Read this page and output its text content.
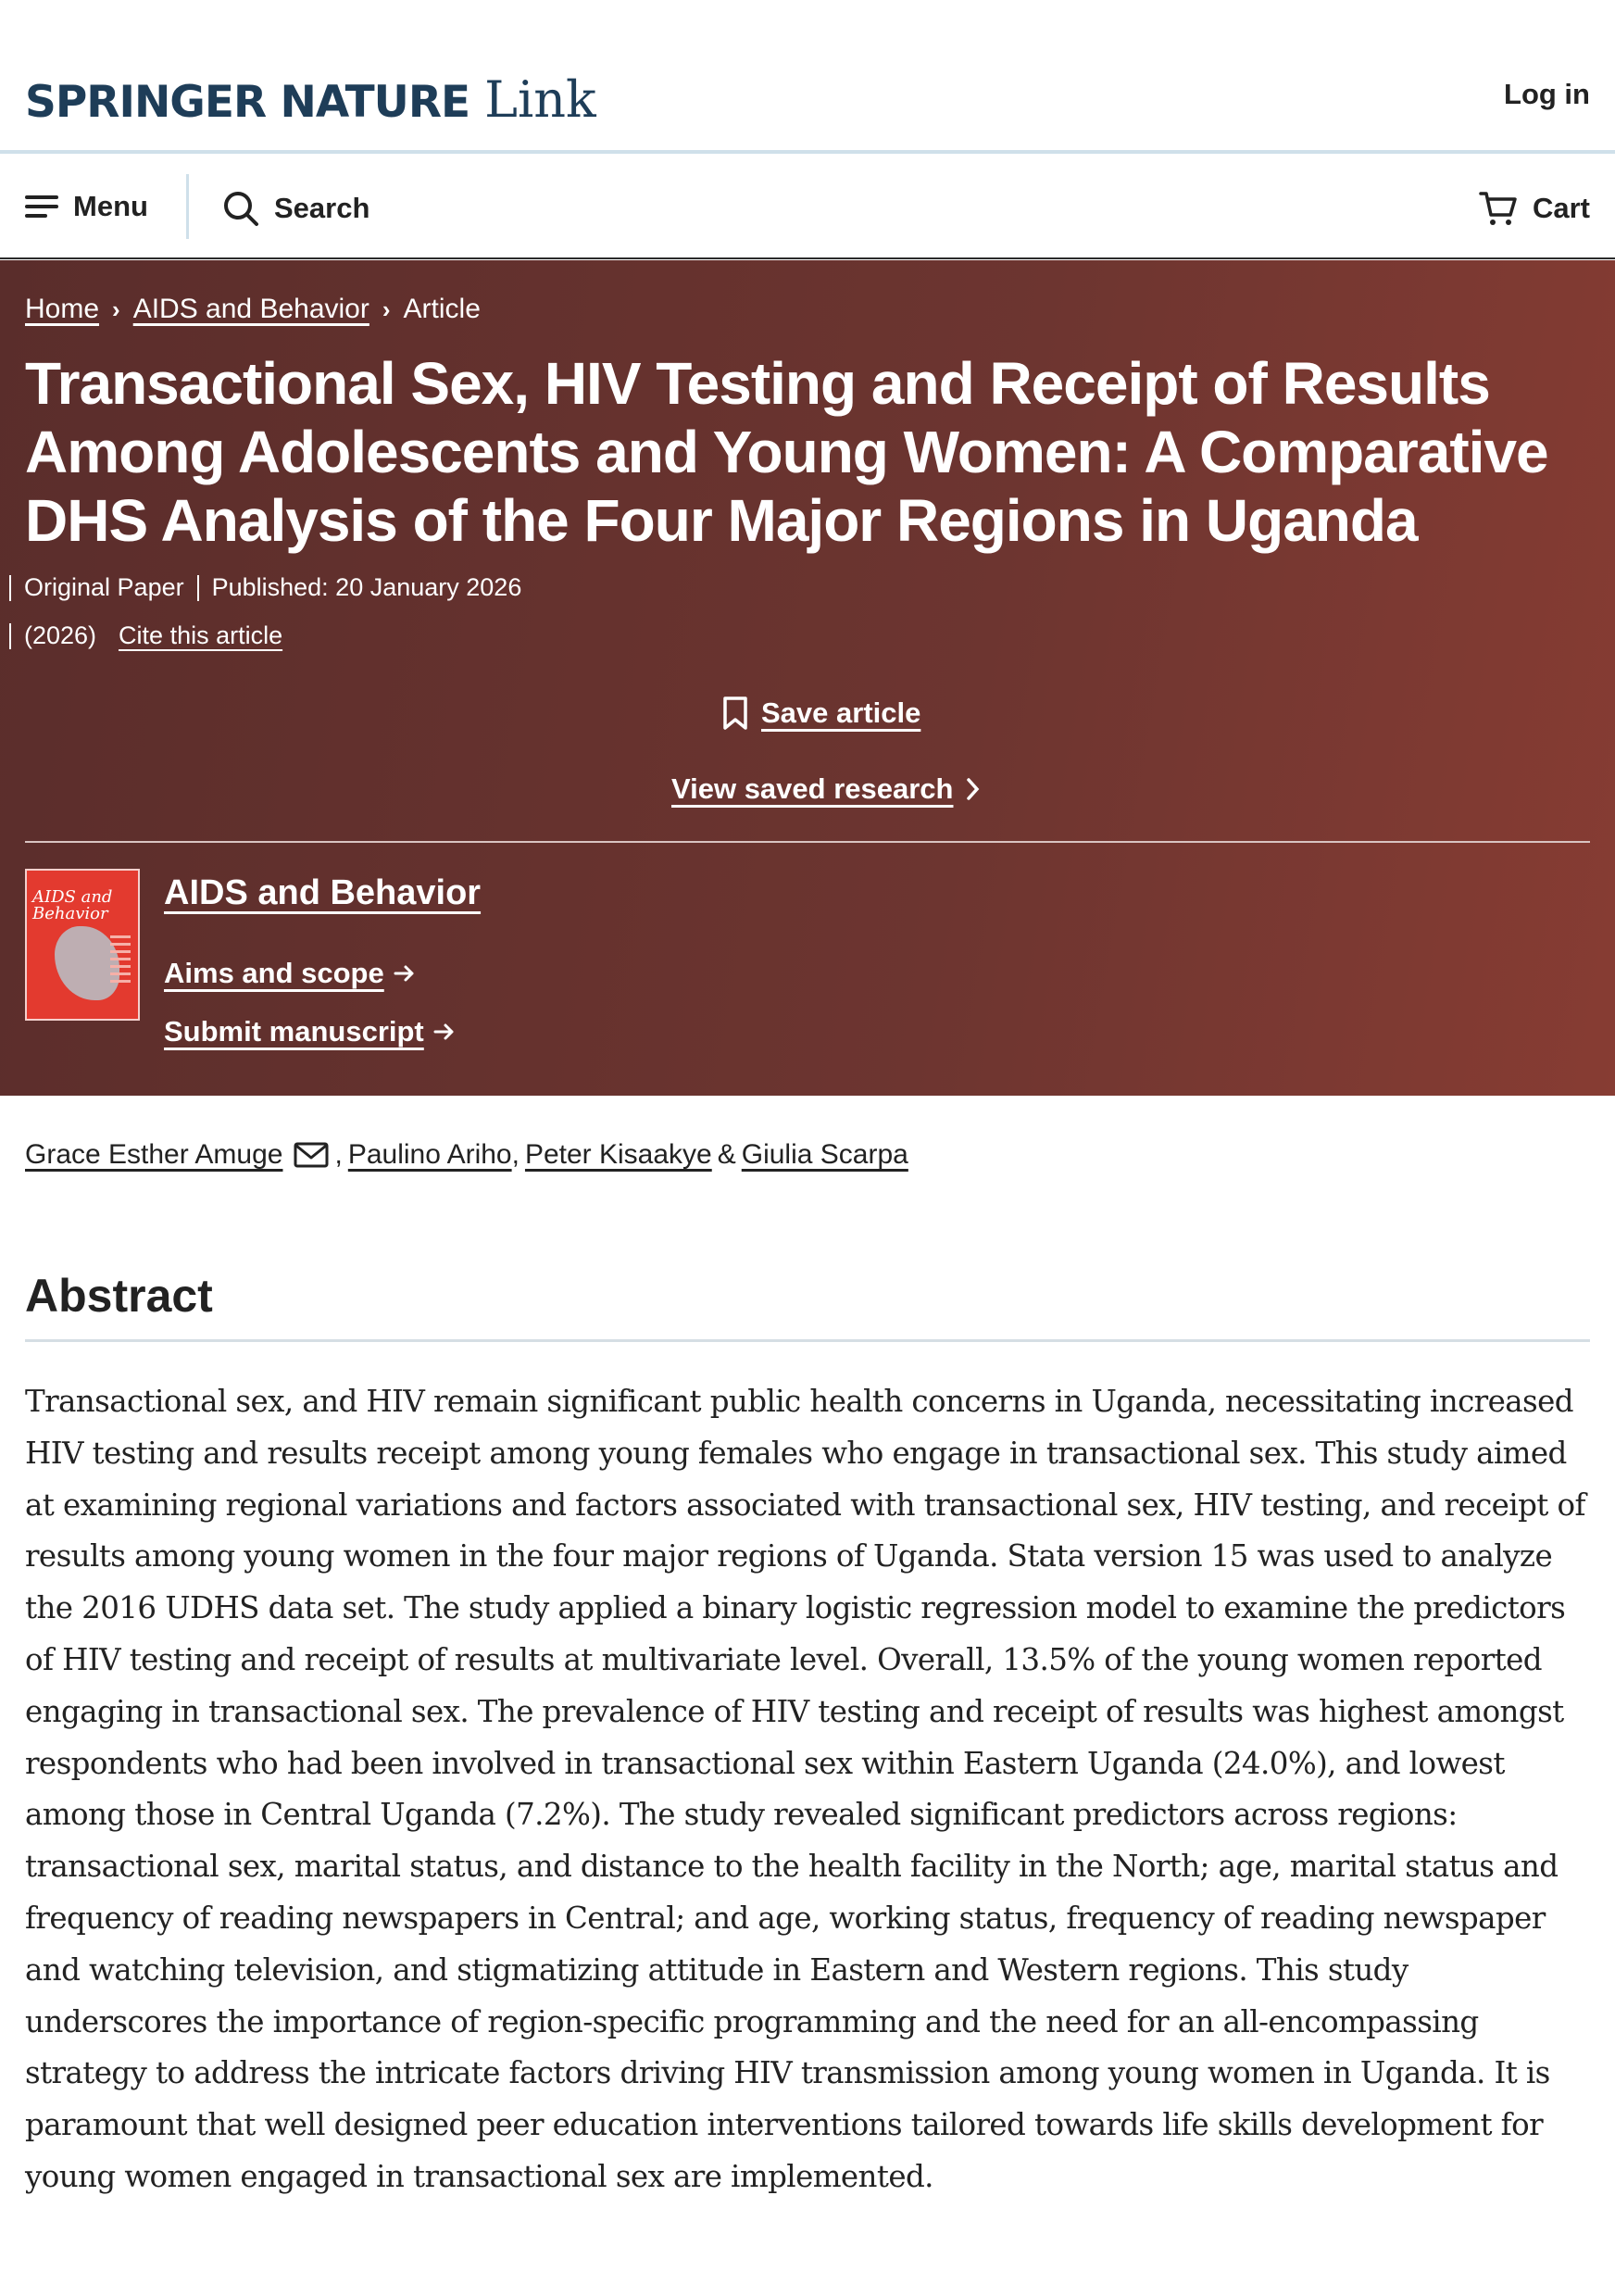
SPRINGER NATURE Link	Log in
Menu	Search	Cart
Home › AIDS and Behavior › Article
Transactional Sex, HIV Testing and Receipt of Results Among Adolescents and Young Women: A Comparative DHS Analysis of the Four Major Regions in Uganda
Original Paper Published: 20 January 2026
(2026) Cite this article
Save article
View saved research
AIDS and
Behavior
AIDS and Behavior
Aims and scope
Submit manuscript
Grace Esther Amuge , Paulino Ariho , Peter Kisaakye & Giulia Scarpa
Abstract

Transactional sex, and HIV remain significant public health concerns in Uganda, necessitating increased HIV testing and results receipt among young females who engage in transactional sex. This study aimed at examining regional variations and factors associated with transactional sex, HIV testing, and receipt of results among young women in the four major regions of Uganda. Stata version 15 was used to analyze the 2016 UDHS data set. The study applied a binary logistic regression model to examine the predictors of HIV testing and receipt of results at multivariate level. Overall, 13.5% of the young women reported engaging in transactional sex. The prevalence of HIV testing and receipt of results was highest amongst respondents who had been involved in transactional sex within Eastern Uganda (24.0%), and lowest among those in Central Uganda (7.2%). The study revealed significant predictors across regions: transactional sex, marital status, and distance to the health facility in the North; age, marital status and frequency of reading newspapers in Central; and age, working status, frequency of reading newspaper and watching television, and stigmatizing attitude in Eastern and Western regions. This study underscores the importance of region-specific programming and the need for an all-encompassing strategy to address the intricate factors driving HIV transmission among young women in Uganda. It is paramount that well designed peer education interventions tailored towards life skills development for young women engaged in transactional sex are implemented.
